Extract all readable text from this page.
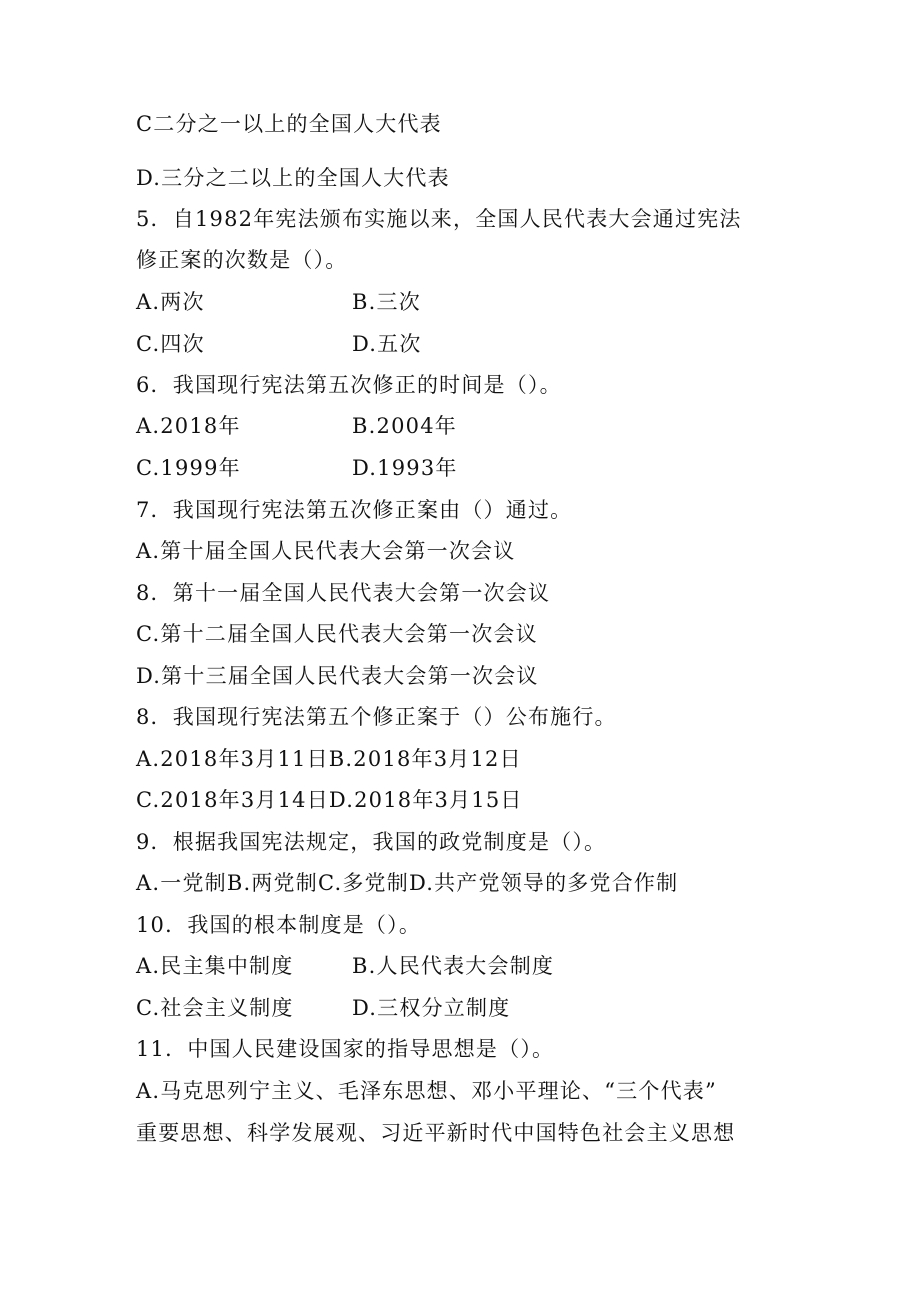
C二分之一以上的全国人大代表
D.三分之二以上的全国人大代表
5．自1982年宪法颁布实施以来，全国人民代表大会通过宪法
修正案的次数是（）。
A.两次	B.三次
C.四次	D.五次
6．我国现行宪法第五次修正的时间是（）。
A.2018年	B.2004年
C.1999年	D.1993年
7．我国现行宪法第五次修正案由（）通过。
A.第十届全国人民代表大会第一次会议
8．第十一届全国人民代表大会第一次会议
C.第十二届全国人民代表大会第一次会议
D.第十三届全国人民代表大会第一次会议
8．我国现行宪法第五个修正案于（）公布施行。
A.2018年3月11日B.2018年3月12日
C.2018年3月14日D.2018年3月15日
9．根据我国宪法规定，我国的政党制度是（）。
A.一党制B.两党制C.多党制D.共产党领导的多党合作制
10．我国的根本制度是（）。
A.民主集中制度	B.人民代表大会制度
C.社会主义制度	D.三权分立制度
11．中国人民建设国家的指导思想是（）。
A.马克思列宁主义、毛泽东思想、邓小平理论、“三个代表”
重要思想、科学发展观、习近平新时代中国特色社会主义思想
